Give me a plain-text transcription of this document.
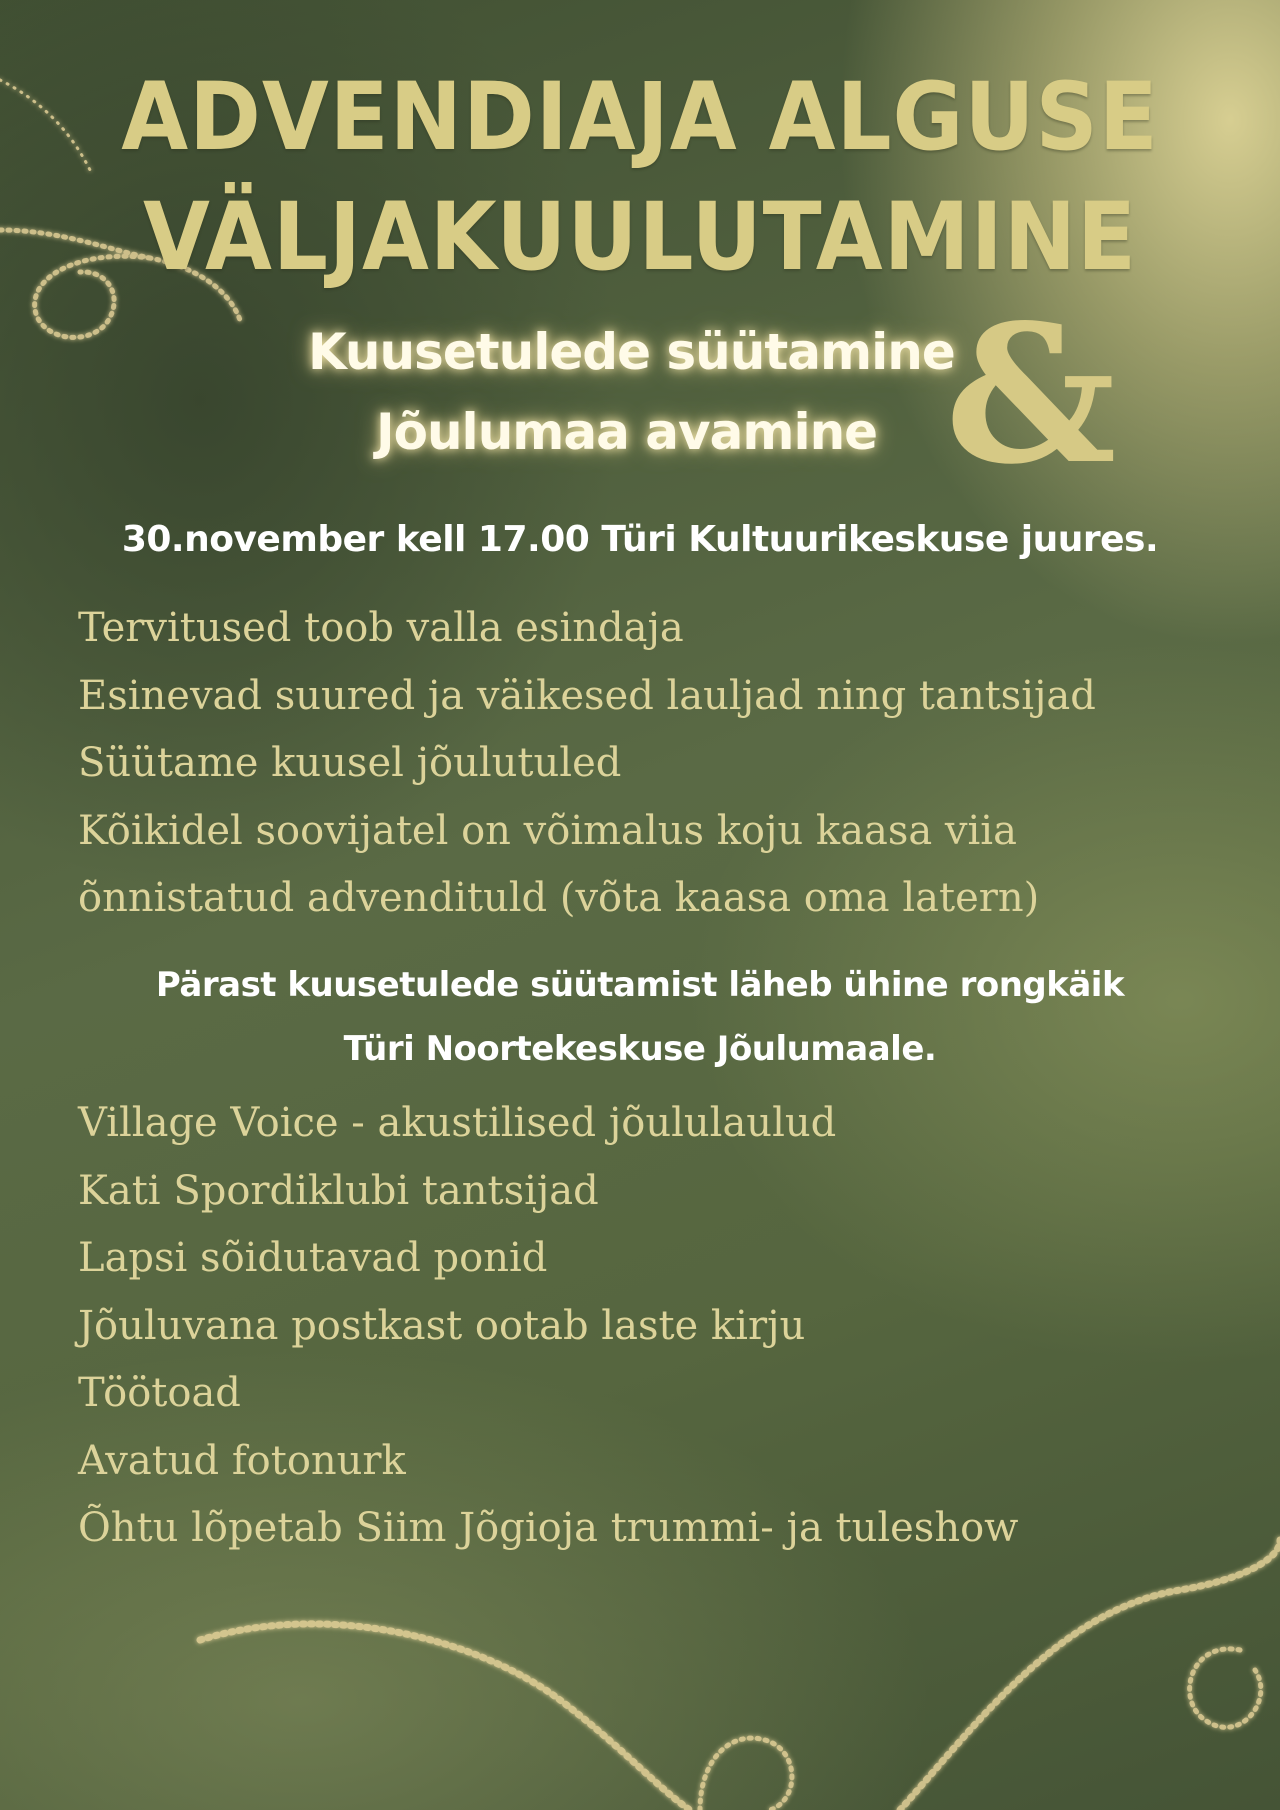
ADVENDIAJA ALGUSE
VÄLJAKUULUTAMINE
Kuusetulede süütamine
Jõulumaa avamine &
30.november kell 17.00 Türi Kultuurikeskuse juures.
Tervitused toob valla esindaja
Esinevad suured ja väikesed lauljad ning tantsijad
Süütame kuusel jõulutuled
Kõikidel soovijatel on võimalus koju kaasa viia
õnnistatud advendituld (võta kaasa oma latern)
Pärast kuusetulede süütamist läheb ühine rongkäik
Türi Noortekeskuse Jõulumaale.
Village Voice - akustilised jõululaulud
Kati Spordiklubi tantsijad
Lapsi sõidutavad ponid
Jõuluvana postkast ootab laste kirju
Töötoad
Avatud fotonurk
Õhtu lõpetab Siim Jõgioja trummi- ja tuleshow
